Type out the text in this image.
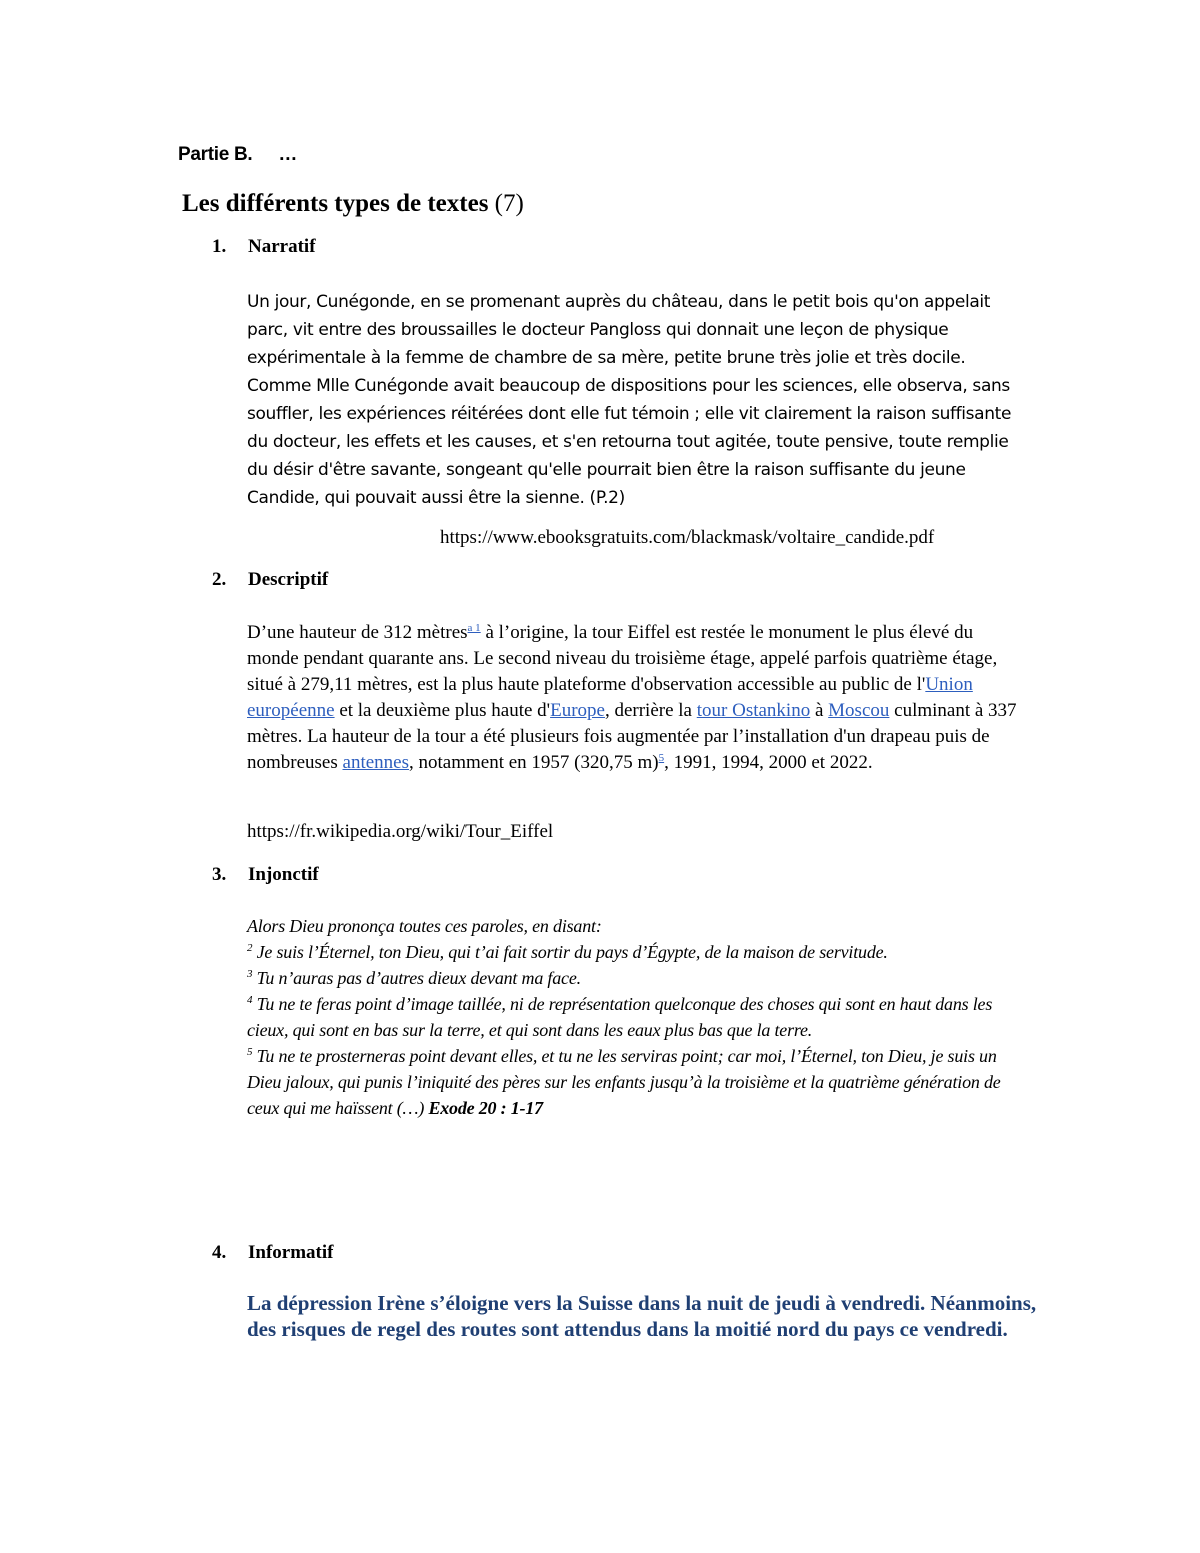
Partie B. …
Les différents types de textes (7)
1. Narratif
Un jour, Cunégonde, en se promenant auprès du château, dans le petit bois qu'on appelait parc, vit entre des broussailles le docteur Pangloss qui donnait une leçon de physique expérimentale à la femme de chambre de sa mère, petite brune très jolie et très docile. Comme Mlle Cunégonde avait beaucoup de dispositions pour les sciences, elle observa, sans souffler, les expériences réitérées dont elle fut témoin ; elle vit clairement la raison suffisante du docteur, les effets et les causes, et s'en retourna tout agitée, toute pensive, toute remplie du désir d'être savante, songeant qu'elle pourrait bien être la raison suffisante du jeune Candide, qui pouvait aussi être la sienne. (P.2)
https://www.ebooksgratuits.com/blackmask/voltaire_candide.pdf
2. Descriptif
D’une hauteur de 312 mètres$^{a 1}$ à l’origine, la tour Eiffel est restée le monument le plus élevé du monde pendant quarante ans. Le second niveau du troisième étage, appelé parfois quatrième étage, situé à 279,11 mètres, est la plus haute plateforme d'observation accessible au public de l'Union européenne et la deuxième plus haute d'Europe, derrière la tour Ostankino à Moscou culminant à 337 mètres. La hauteur de la tour a été plusieurs fois augmentée par l’installation d'un drapeau puis de nombreuses antennes, notamment en 1957 (320,75 m)$^5$, 1991, 1994, 2000 et 2022.
https://fr.wikipedia.org/wiki/Tour_Eiffel
3. Injonctif

Alors Dieu prononça toutes ces paroles, en disant:

$^2$ Je suis l’Éternel, ton Dieu, qui t’ai fait sortir du pays d’Égypte, de la maison de servitude.

$^3$ Tu n’auras pas d’autres dieux devant ma face.

$^4$ Tu ne te feras point d’image taillée, ni de représentation quelconque des choses qui sont en haut dans les cieux, qui sont en bas sur la terre, et qui sont dans les eaux plus bas que la terre.

$^5$ Tu ne te prosterneras point devant elles, et tu ne les serviras point; car moi, l’Éternel, ton Dieu, je suis un Dieu jaloux, qui punis l’iniquité des pères sur les enfants jusqu’à la troisième et la quatrième génération de ceux qui me haïssent (…) Exode 20 : 1-17

4. Informatif
La dépression Irène s’éloigne vers la Suisse dans la nuit de jeudi à vendredi. Néanmoins, des risques de regel des routes sont attendus dans la moitié nord du pays ce vendredi.
